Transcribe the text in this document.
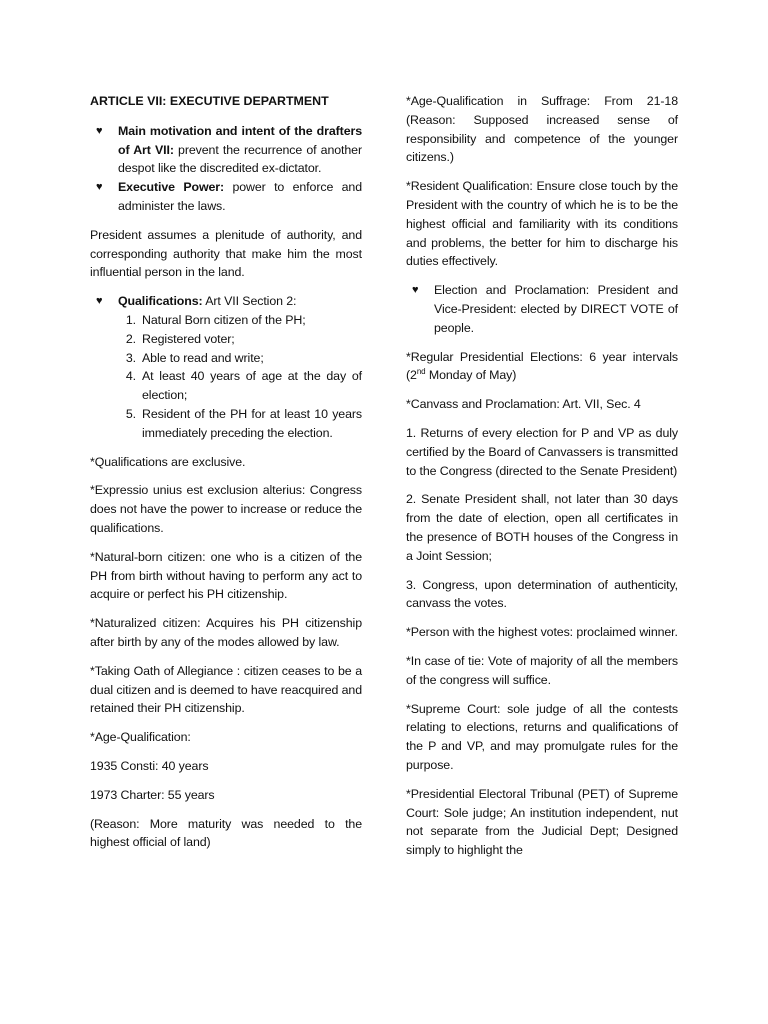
ARTICLE VII: EXECUTIVE DEPARTMENT
♥	Main motivation and intent of the drafters of Art VII: prevent the recurrence of another despot like the discredited ex-dictator.
♥	Executive Power: power to enforce and administer the laws.

President assumes a plenitude of authority, and corresponding authority that make him the most influential person in the land.

♥	Qualifications: Art VII Section 2:
1. Natural Born citizen of the PH;
2. Registered voter;
3. Able to read and write;
4. At least 40 years of age at the day of election;
5. Resident of the PH for at least 10 years immediately preceding the election.

*Qualifications are exclusive.

*Expressio unius est exclusion alterius: Congress does not have the power to increase or reduce the qualifications.

*Natural-born citizen: one who is a citizen of the PH from birth without having to perform any act to acquire or perfect his PH citizenship.

*Naturalized citizen: Acquires his PH citizenship after birth by any of the modes allowed by law.

*Taking Oath of Allegiance : citizen ceases to be a dual citizen and is deemed to have reacquired and retained their PH citizenship.

*Age-Qualification:

1935 Consti: 40 years

1973 Charter: 55 years

(Reason: More maturity was needed to the highest official of land)

*Age-Qualification in Suffrage: From 21-18 (Reason: Supposed increased sense of responsibility and competence of the younger citizens.)

*Resident Qualification: Ensure close touch by the President with the country of which he is to be the highest official and familiarity with its conditions and problems, the better for him to discharge his duties effectively.

♥	Election and Proclamation: President and Vice-President: elected by DIRECT VOTE of people.

*Regular Presidential Elections: 6 year intervals (2nd Monday of May)

*Canvass and Proclamation: Art. VII, Sec. 4

1. Returns of every election for P and VP as duly certified by the Board of Canvassers is transmitted to the Congress (directed to the Senate President)

2. Senate President shall, not later than 30 days from the date of election, open all certificates in the presence of BOTH houses of the Congress in a Joint Session;

3. Congress, upon determination of authenticity, canvass the votes.

*Person with the highest votes: proclaimed winner.

*In case of tie: Vote of majority of all the members of the congress will suffice.

*Supreme Court: sole judge of all the contests relating to elections, returns and qualifications of the P and VP, and may promulgate rules for the purpose.

*Presidential Electoral Tribunal (PET) of Supreme Court: Sole judge; An institution independent, nut not separate from the Judicial Dept; Designed simply to highlight the
